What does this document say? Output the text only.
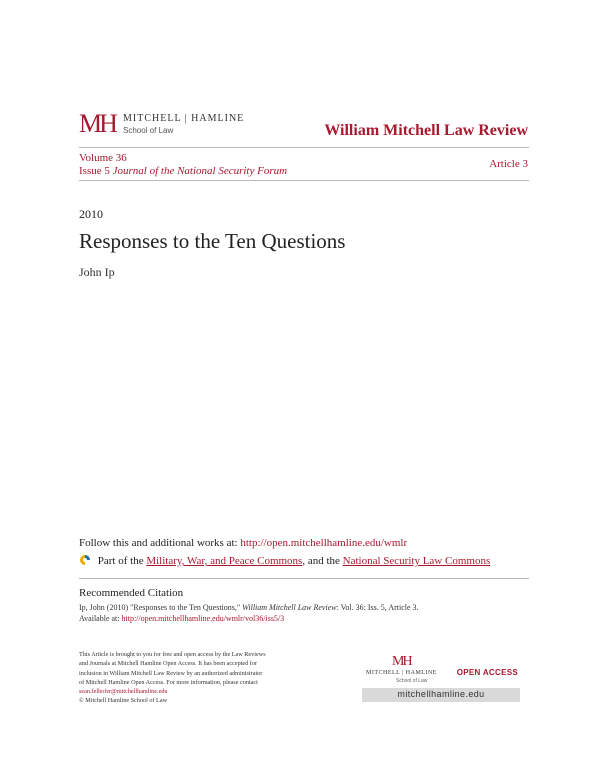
MH MITCHELL | HAMLINE
School of Law	William Mitchell Law Review
Volume 36
Issue 5 Journal of the National Security Forum
Article 3
2010
Responses to the Ten Questions
John Ip
Follow this and additional works at: http://open.mitchellhamline.edu/wmlr
Part of the Military, War, and Peace Commons, and the National Security Law Commons
Recommended Citation
Ip, John (2010) "Responses to the Ten Questions," William Mitchell Law Review: Vol. 36: Iss. 5, Article 3.
Available at: http://open.mitchellhamline.edu/wmlr/vol36/iss5/3
This Article is brought to you for free and open access by the Law Reviews
and Journals at Mitchell Hamline Open Access. It has been accepted for
inclusion in William Mitchell Law Review by an authorized administrator
of Mitchell Hamline Open Access. For more information, please contact
sean.felhofer@mitchellhamline.edu
© Mitchell Hamline School of Law
MH
MITCHELL | HAMLINE
School of Law
OPEN ACCESS
mitchellhamline.edu
